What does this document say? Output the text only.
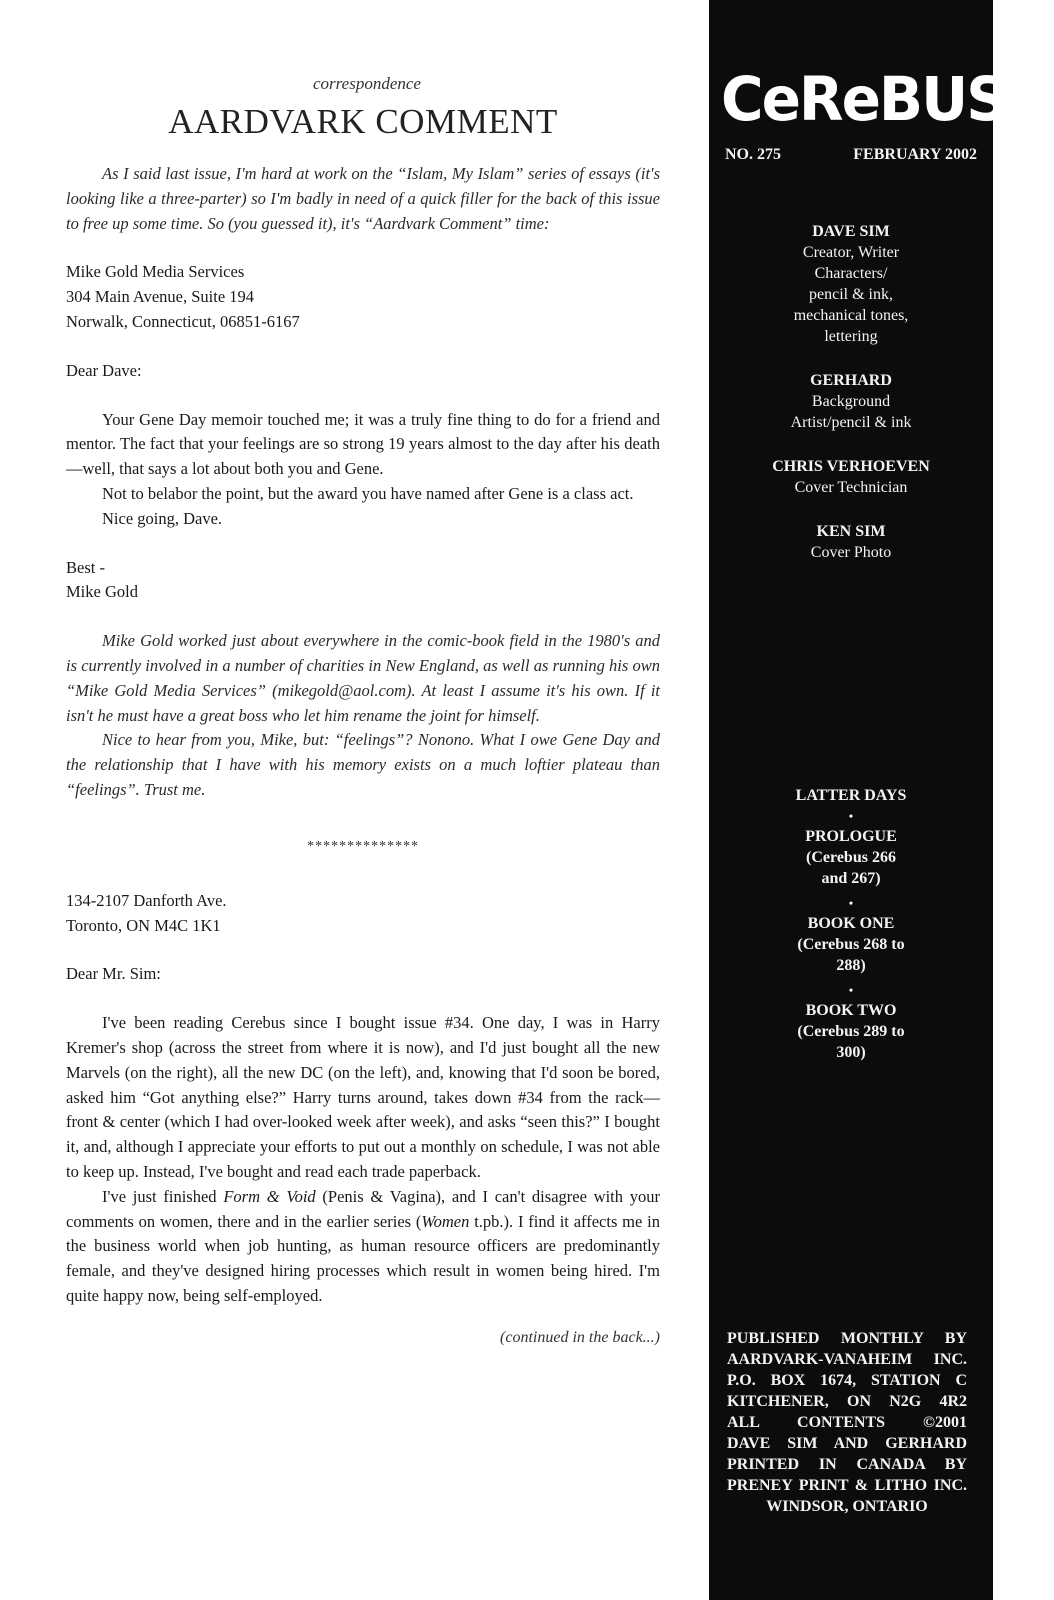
correspondence
AARDVARK COMMENT

As I said last issue, I'm hard at work on the “Islam, My Islam” series of essays (it's looking like a three-parter) so I'm badly in need of a quick filler for the back of this issue to free up some time. So (you guessed it), it's “Aardvark Comment” time:

Mike Gold Media Services
304 Main Avenue, Suite 194
Norwalk, Connecticut, 06851-6167
Dear Dave:

Your Gene Day memoir touched me; it was a truly fine thing to do for a friend and mentor. The fact that your feelings are so strong 19 years almost to the day after his death—well, that says a lot about both you and Gene.

Not to belabor the point, but the award you have named after Gene is a class act.

Nice going, Dave.

Best -
Mike Gold

Mike Gold worked just about everywhere in the comic-book field in the 1980's and is currently involved in a number of charities in New England, as well as running his own “Mike Gold Media Services” (mikegold@aol.com). At least I assume it's his own. If it isn't he must have a great boss who let him rename the joint for himself.

Nice to hear from you, Mike, but: “feelings”? Nonono. What I owe Gene Day and the relationship that I have with his memory exists on a much loftier plateau than “feelings”. Trust me.

**************
134-2107 Danforth Ave.
Toronto, ON M4C 1K1
Dear Mr. Sim:

I've been reading Cerebus since I bought issue #34. One day, I was in Harry Kremer's shop (across the street from where it is now), and I'd just bought all the new Marvels (on the right), all the new DC (on the left), and, knowing that I'd soon be bored, asked him “Got anything else?” Harry turns around, takes down #34 from the rack— front & center (which I had over-looked week after week), and asks “seen this?” I bought it, and, although I appreciate your efforts to put out a monthly on schedule, I was not able to keep up. Instead, I've bought and read each trade paperback.

I've just finished Form & Void (Penis & Vagina), and I can't disagree with your comments on women, there and in the earlier series (Women t.pb.). I find it affects me in the business world when job hunting, as human resource officers are predominantly female, and they've designed hiring processes which result in women being hired. I'm quite happy now, being self-employed.

(continued in the back...)
CeReBUS
NO. 275	FEBRUARY 2002
DAVE SIM
Creator, Writer
Characters/
pencil & ink,
mechanical tones,
lettering
GERHARD
Background
Artist/pencil & ink
CHRIS VERHOEVEN
Cover Technician
KEN SIM
Cover Photo
LATTER DAYS
•
PROLOGUE
(Cerebus 266
and 267)
•
BOOK ONE
(Cerebus 268 to
288)
•
BOOK TWO
(Cerebus 289 to
300)
PUBLISHED MONTHLY BY
AARDVARK-VANAHEIM INC.
P.O. BOX 1674, STATION C
KITCHENER, ON N2G 4R2
ALL CONTENTS ©2001
DAVE SIM AND GERHARD
PRINTED IN CANADA BY
PRENEY PRINT & LITHO INC.
WINDSOR, ONTARIO
